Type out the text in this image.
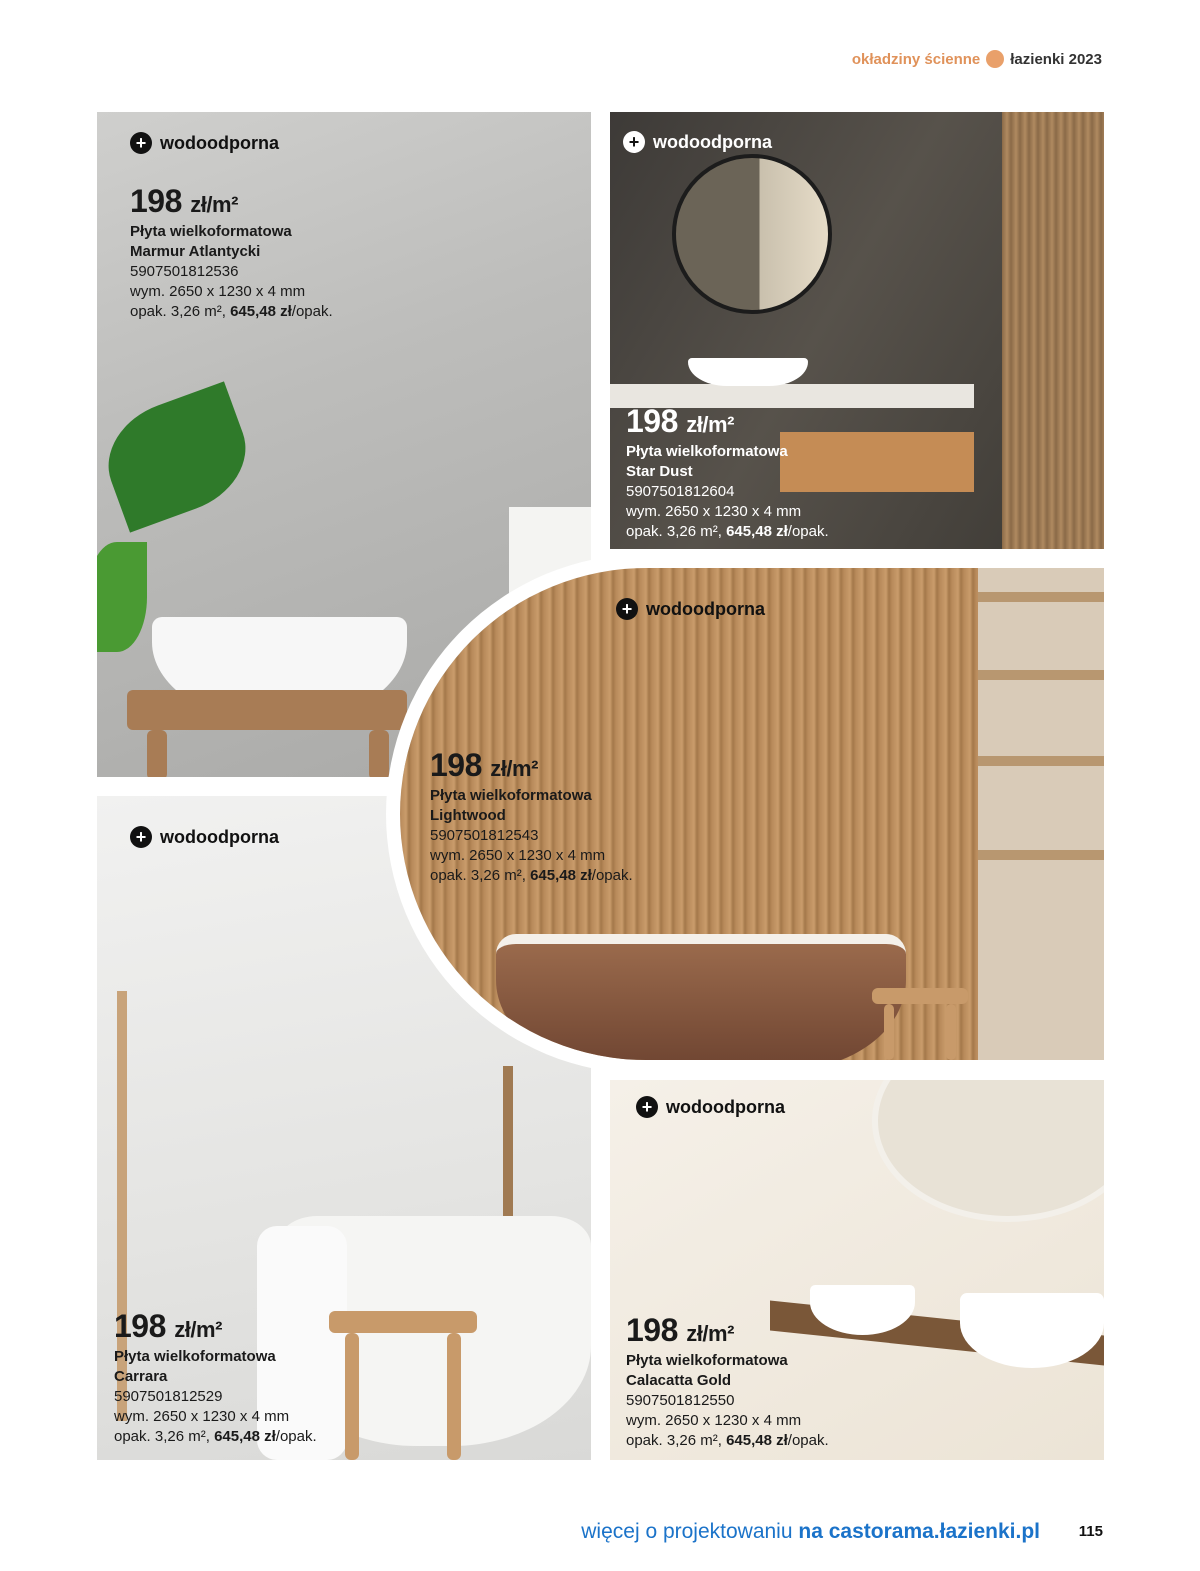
okładziny ścienne łazienki 2023
+ wodoodporna
198 zł/m²
Płyta wielkoformatowa
Marmur Atlantycki
5907501812536
wym. 2650 x 1230 x 4 mm
opak. 3,26 m², 645,48 zł/opak.
+ wodoodporna
198 zł/m²
Płyta wielkoformatowa
Star Dust
5907501812604
wym. 2650 x 1230 x 4 mm
opak. 3,26 m², 645,48 zł/opak.
+ wodoodporna
198 zł/m²
Płyta wielkoformatowa
Carrara
5907501812529
wym. 2650 x 1230 x 4 mm
opak. 3,26 m², 645,48 zł/opak.
+ wodoodporna
198 zł/m²
Płyta wielkoformatowa
Calacatta Gold
5907501812550
wym. 2650 x 1230 x 4 mm
opak. 3,26 m², 645,48 zł/opak.
+ wodoodporna
198 zł/m²
Płyta wielkoformatowa
Lightwood
5907501812543
wym. 2650 x 1230 x 4 mm
opak. 3,26 m², 645,48 zł/opak.
więcej o projektowaniu na castorama.łazienki.pl	115
